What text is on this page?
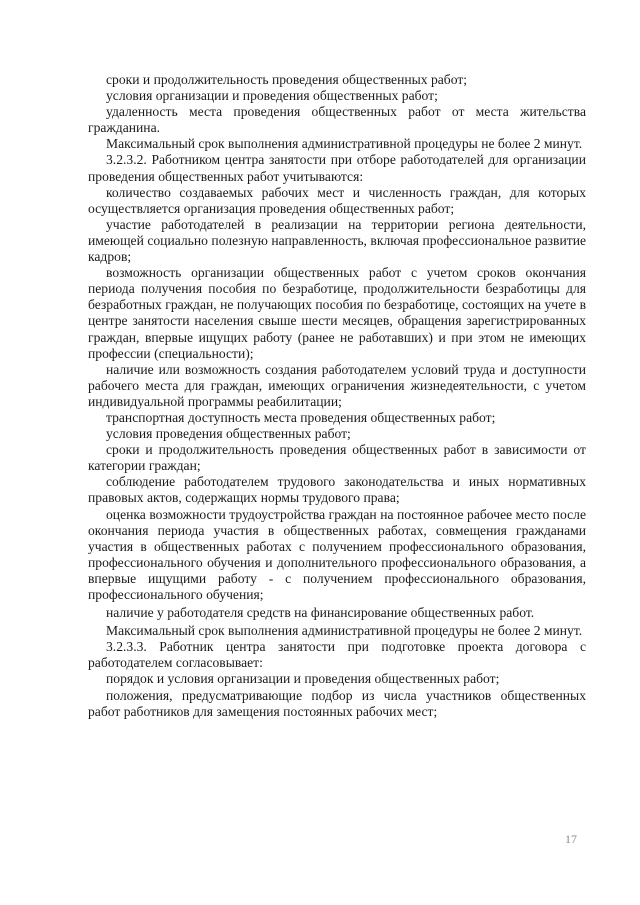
сроки и продолжительность проведения общественных работ;

условия организации и проведения общественных работ;

удаленность места проведения общественных работ от места жительства гражданина.

Максимальный срок выполнения административной процедуры не более 2 минут.

3.2.3.2. Работником центра занятости при отборе работодателей для организации проведения общественных работ учитываются:

количество создаваемых рабочих мест и численность граждан, для которых осуществляется организация проведения общественных работ;

участие работодателей в реализации на территории региона деятельности, имеющей социально полезную направленность, включая профессиональное развитие кадров;

возможность организации общественных работ с учетом сроков окончания периода получения пособия по безработице, продолжительности безработицы для безработных граждан, не получающих пособия по безработице, состоящих на учете в центре занятости населения свыше шести месяцев, обращения зарегистрированных граждан, впервые ищущих работу (ранее не работавших) и при этом не имеющих профессии (специальности);

наличие или возможность создания работодателем условий труда и доступности рабочего места для граждан, имеющих ограничения жизнедеятельности, с учетом индивидуальной программы реабилитации;

транспортная доступность места проведения общественных работ;

условия проведения общественных работ;

сроки и продолжительность проведения общественных работ в зависимости от категории граждан;

соблюдение работодателем трудового законодательства и иных нормативных правовых актов, содержащих нормы трудового права;

оценка возможности трудоустройства граждан на постоянное рабочее место после окончания периода участия в общественных работах, совмещения гражданами участия в общественных работах с получением профессионального образования, профессионального обучения и дополнительного профессионального образования, а впервые ищущими работу - с получением профессионального образования, профессионального обучения;

наличие у работодателя средств на финансирование общественных работ.

Максимальный срок выполнения административной процедуры не более 2 минут.

3.2.3.3. Работник центра занятости при подготовке проекта договора с работодателем согласовывает:

порядок и условия организации и проведения общественных работ;

положения, предусматривающие подбор из числа участников общественных работ работников для замещения постоянных рабочих мест;

17
